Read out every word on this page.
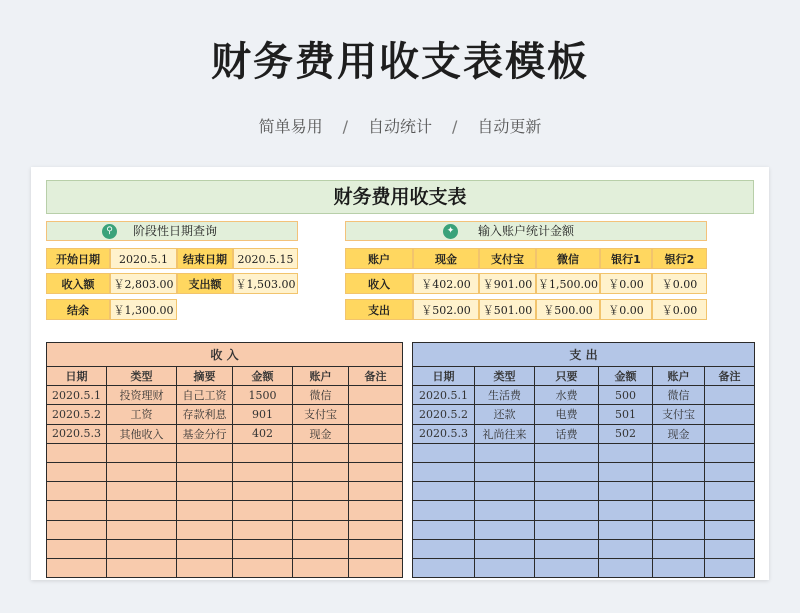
财务费用收支表模板
简单易用 / 自动统计 / 自动更新
财务费用收支表
⚲	阶段性日期查询
开始日期	2020.5.1	结束日期 2020.5.15
收入额	￥2,803.00	支出额	￥1,503.00
结余	￥1,300.00
✦	输入账户统计金额
账户	现金	支付宝	微信	银行1	银行2
收入	￥402.00	￥901.00 ￥1,500.00 ￥0.00	￥0.00
支出	￥502.00	￥501.00	￥500.00	￥0.00	￥0.00
收 入					
日期	类型	摘要	金额	账户	备注
2020.5.1	投资理财	自己工资	1500	微信	
2020.5.2	工资	存款利息	901	支付宝	
2020.5.3	其他收入	基金分行	402	现金	

支 出					
日期	类型	只要	金额	账户	备注
2020.5.1	生活费	水费	500	微信	
2020.5.2	还款	电费	501	支付宝	
2020.5.3	礼尚往来	话费	502	现金	
